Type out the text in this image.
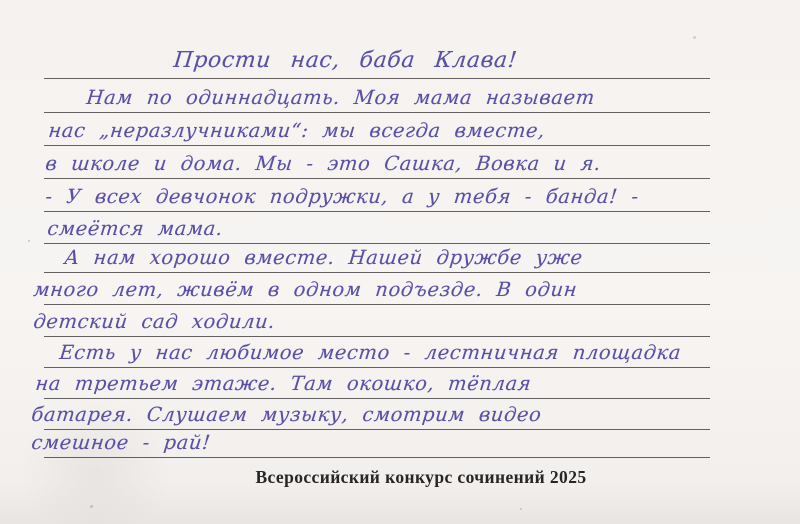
Прости нас, баба Клава!
Нам по одиннадцать. Моя мама называет
нас „неразлучниками“: мы всегда вместе,
в школе и дома. Мы - это Сашка, Вовка и я.
- У всех девчонок подружки, а у тебя - банда! -
смеётся мама.
А нам хорошо вместе. Нашей дружбе уже
много лет, живём в одном подъезде. В один
детский сад ходили.
Есть у нас любимое место - лестничная площадка
на третьем этаже. Там окошко, тёплая
батарея. Слушаем музыку, смотрим видео
смешное - рай!
Всероссийский конкурс сочинений 2025
